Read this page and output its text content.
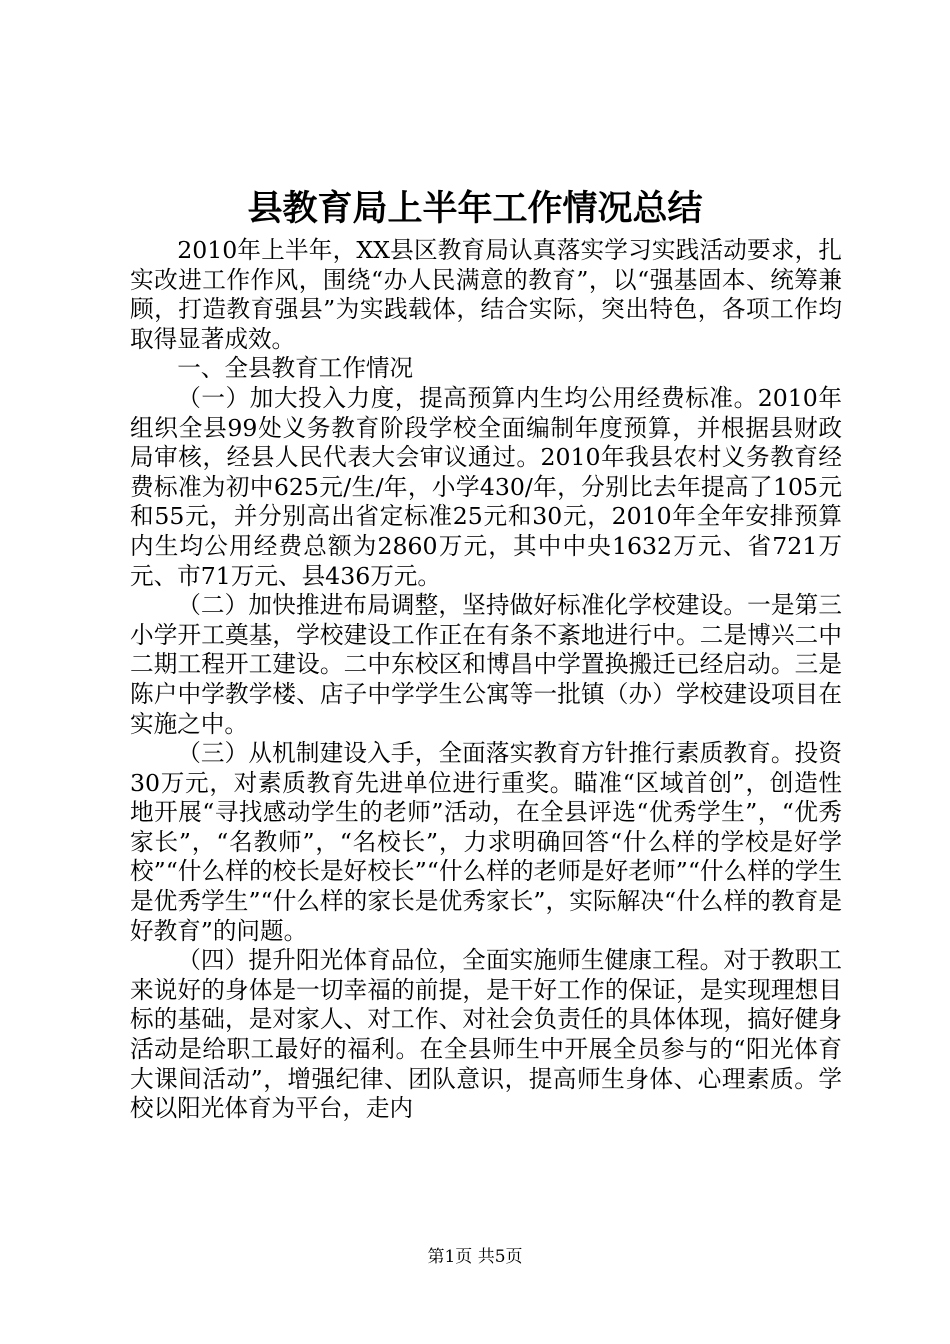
县教育局上半年工作情况总结

2010年上半年，XX县区教育局认真落实学习实践活动要求，扎实改进工作作风，围绕“办人民满意的教育”，以“强基固本、统筹兼顾，打造教育强县”为实践载体，结合实际，突出特色，各项工作均取得显著成效。

一、全县教育工作情况

（一）加大投入力度，提高预算内生均公用经费标准。2010年组织全县99处义务教育阶段学校全面编制年度预算，并根据县财政局审核，经县人民代表大会审议通过。2010年我县农村义务教育经费标准为初中625元/生/年，小学430/年，分别比去年提高了105元和55元，并分别高出省定标准25元和30元，2010年全年安排预算内生均公用经费总额为2860万元，其中中央1632万元、省721万元、市71万元、县436万元。

（二）加快推进布局调整，坚持做好标准化学校建设。一是第三小学开工奠基，学校建设工作正在有条不紊地进行中。二是博兴二中二期工程开工建设。二中东校区和博昌中学置换搬迁已经启动。三是陈户中学教学楼、店子中学学生公寓等一批镇（办）学校建设项目在实施之中。

（三）从机制建设入手，全面落实教育方针推行素质教育。投资30万元，对素质教育先进单位进行重奖。瞄准“区域首创”，创造性地开展“寻找感动学生的老师”活动，在全县评选“优秀学生”，“优秀家长”，“名教师”，“名校长”，力求明确回答“什么样的学校是好学校”“什么样的校长是好校长”“什么样的老师是好老师”“什么样的学生是优秀学生”“什么样的家长是优秀家长”，实际解决“什么样的教育是好教育”的问题。

（四）提升阳光体育品位，全面实施师生健康工程。对于教职工来说好的身体是一切幸福的前提，是干好工作的保证，是实现理想目标的基础，是对家人、对工作、对社会负责任的具体体现，搞好健身活动是给职工最好的福利。在全县师生中开展全员参与的“阳光体育大课间活动”，增强纪律、团队意识，提高师生身体、心理素质。学校以阳光体育为平台，走内

第1页 共5页
